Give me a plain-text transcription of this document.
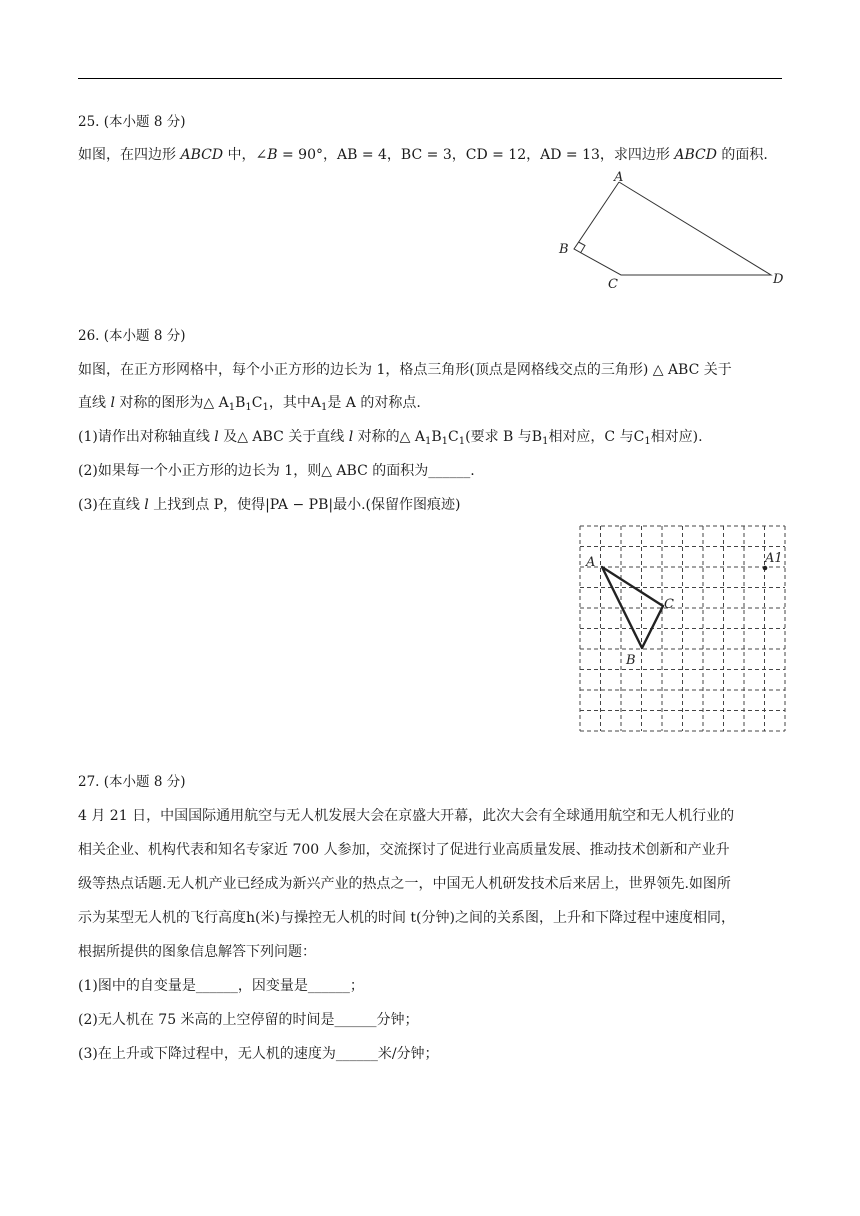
25. (本小题 8 分)
如图，在四边形 ABCD 中，∠B = 90°，AB = 4，BC = 3，CD = 12，AD = 13，求四边形 ABCD 的面积.
A
B
C	D
26. (本小题 8 分)
如图，在正方形网格中，每个小正方形的边长为 1，格点三角形(顶点是网格线交点的三角形) △ ABC 关于
直线 l 对称的图形为△ $A_1B_1C_1$，其中$A_1$是 A 的对称点.
(1)请作出对称轴直线 l 及△ ABC 关于直线 l 对称的△ $A_1B_1C_1$(要求 B 与$B_1$相对应，C 与$C_1$相对应).
(2)如果每一个小正方形的边长为 1，则△ ABC 的面积为______.
(3)在直线 l 上找到点 P，使得|PA − PB|最小.(保留作图痕迹)
A
C
B
A1
27. (本小题 8 分)
4 月 21 日，中国国际通用航空与无人机发展大会在京盛大开幕，此次大会有全球通用航空和无人机行业的
相关企业、机构代表和知名专家近 700 人参加，交流探讨了促进行业高质量发展、推动技术创新和产业升
级等热点话题.无人机产业已经成为新兴产业的热点之一，中国无人机研发技术后来居上，世界领先.如图所
示为某型无人机的飞行高度h(米)与操控无人机的时间 t(分钟)之间的关系图，上升和下降过程中速度相同，
根据所提供的图象信息解答下列问题：
(1)图中的自变量是______，因变量是______；
(2)无人机在 75 米高的上空停留的时间是______分钟；
(3)在上升或下降过程中，无人机的速度为______米/分钟；
